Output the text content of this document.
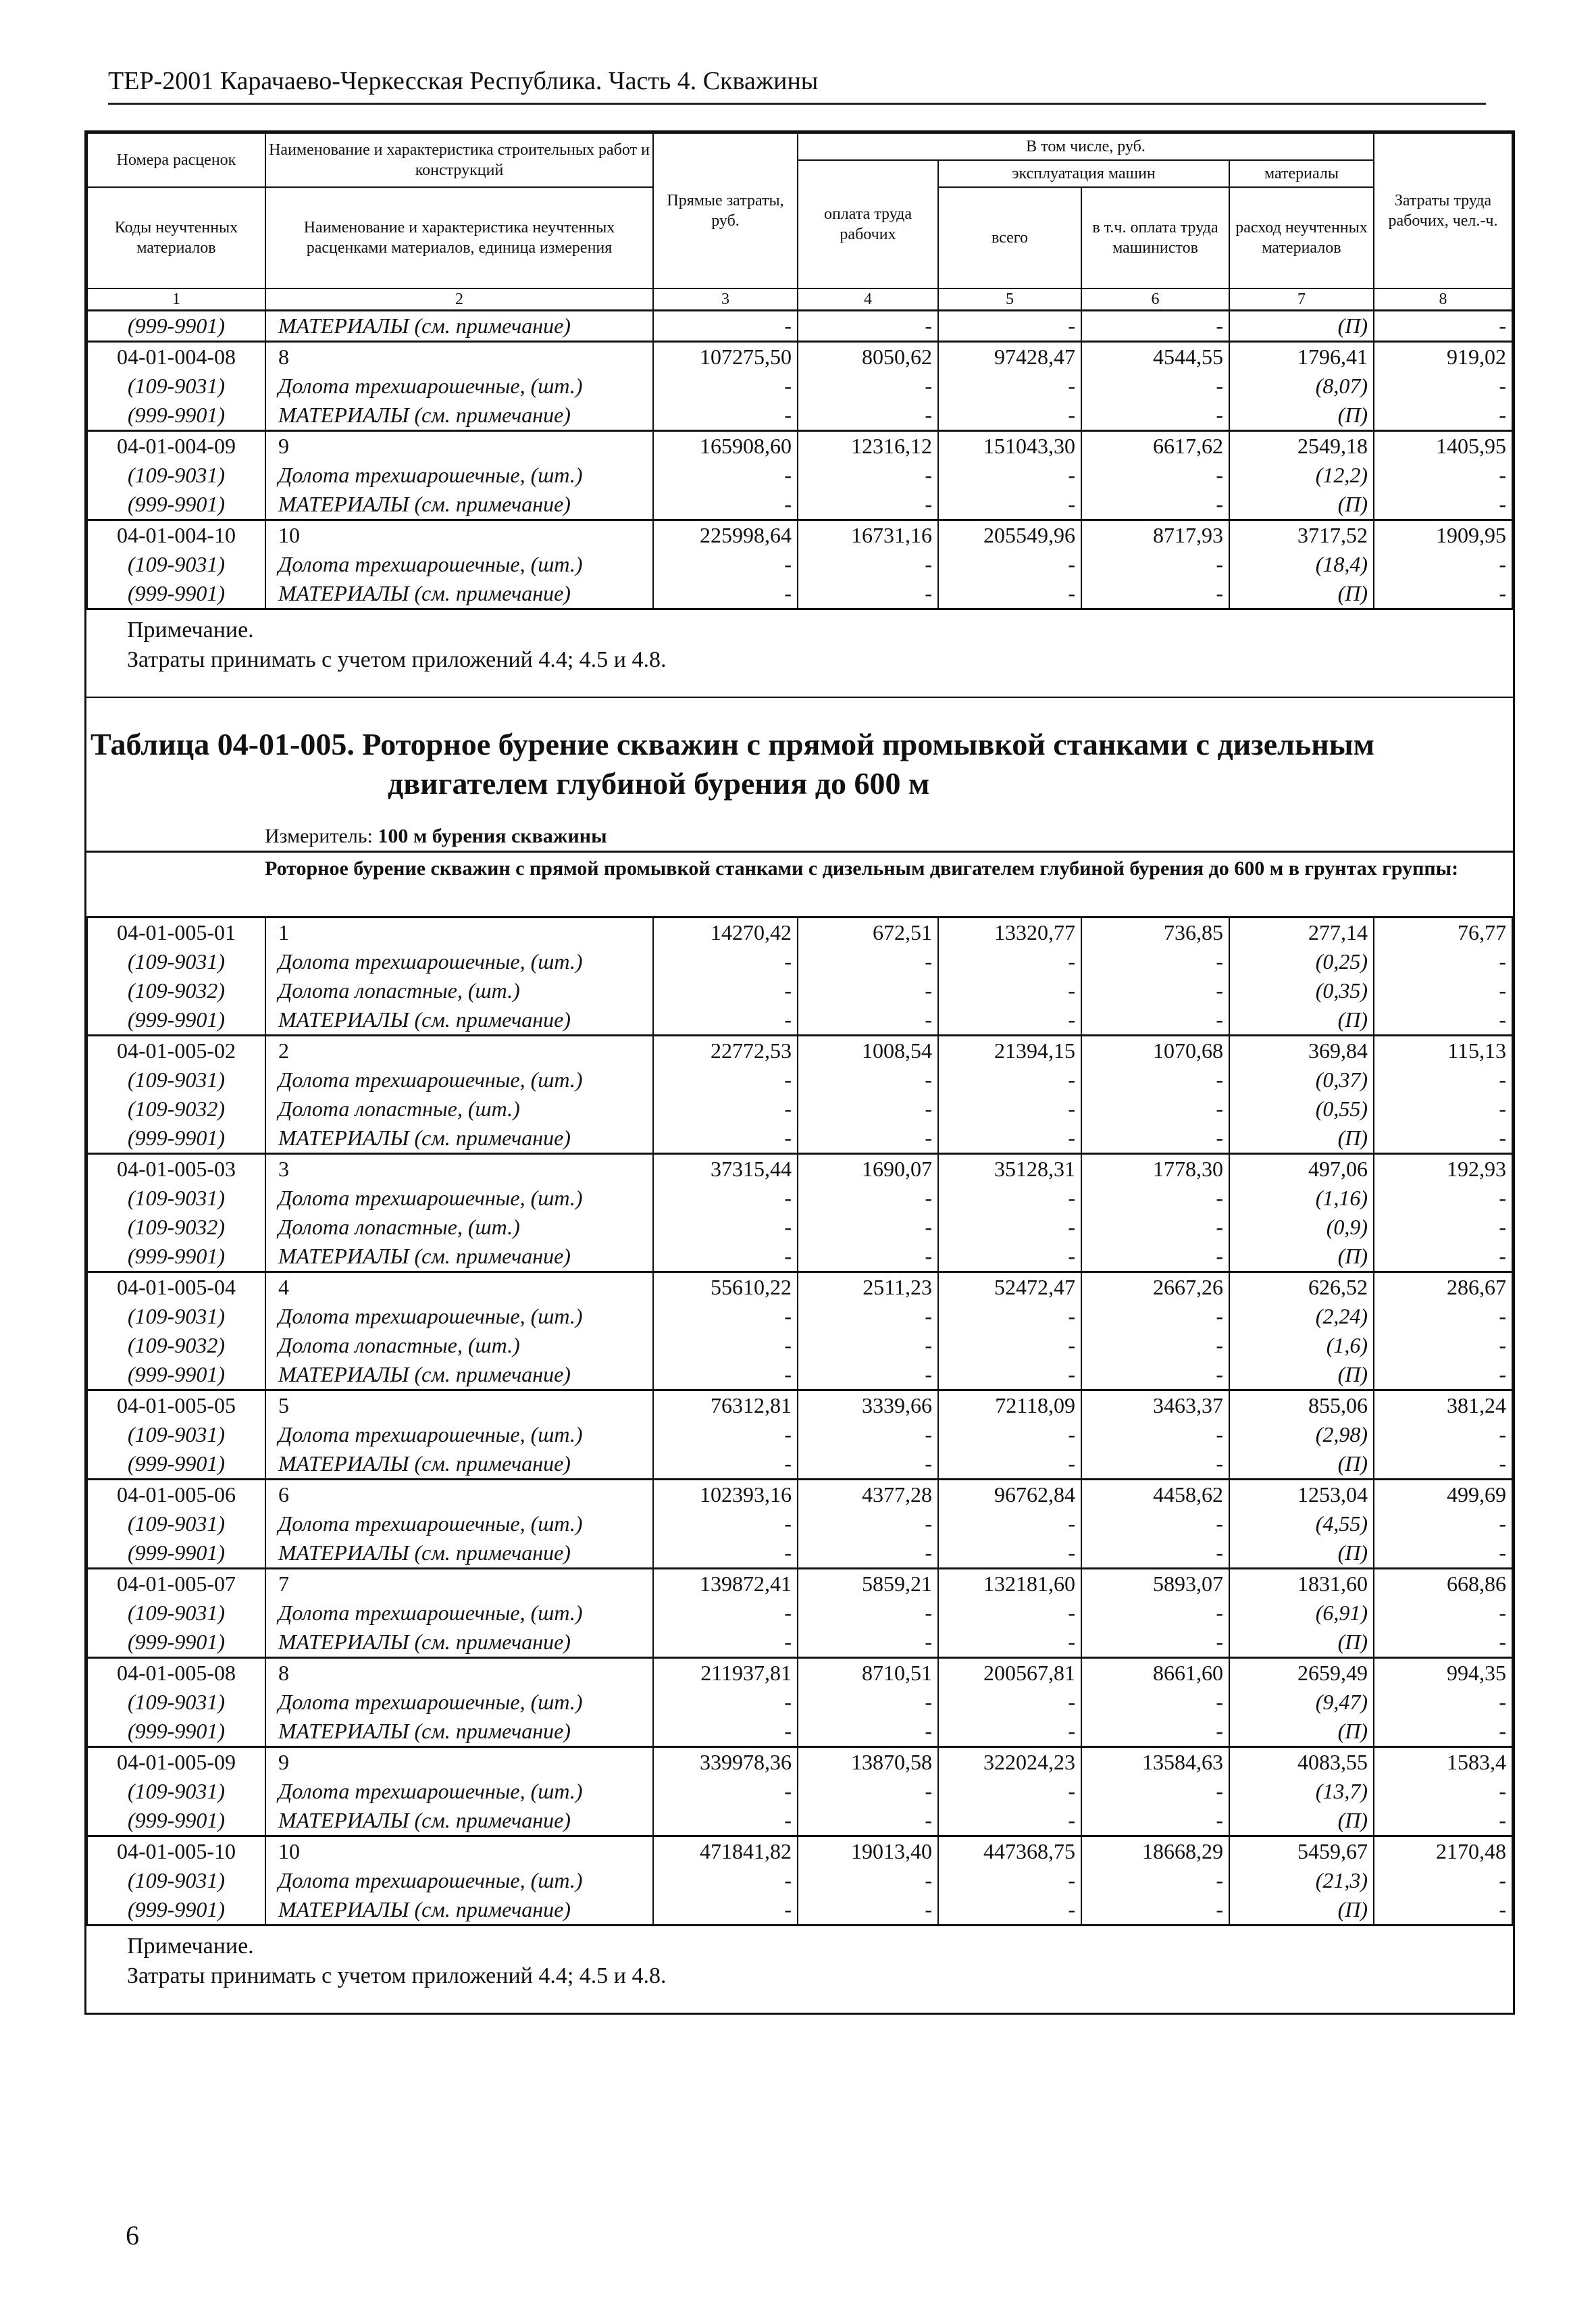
ТЕР-2001 Карачаево-Черкесская Республика. Часть 4. Скважины
Номера расценок	Наименование и характеристика строительных работ и конструкций	Прямые затраты, руб.	В том числе, руб.				Затраты труда рабочих, чел.-ч.
			оплата труда рабочих	эксплуатация машин		материалы	
Коды неучтенных материалов	Наименование и характеристика неучтенных расценками материалов, единица измерения			всего	в т.ч. оплата труда машинистов	расход неучтенных материалов	
1	2	3	4	5	6	7	8
(999-9901)	МАТЕРИАЛЫ (см. примечание)	-	-	-	-	(П)	-
04-01-004-08	8	107275,50	8050,62	97428,47	4544,55	1796,41	919,02
(109-9031)	Долота трехшарошечные, (шт.)	-	-	-	-	(8,07)	-
(999-9901)	МАТЕРИАЛЫ (см. примечание)	-	-	-	-	(П)	-
04-01-004-09	9	165908,60	12316,12	151043,30	6617,62	2549,18	1405,95
(109-9031)	Долота трехшарошечные, (шт.)	-	-	-	-	(12,2)	-
(999-9901)	МАТЕРИАЛЫ (см. примечание)	-	-	-	-	(П)	-
04-01-004-10	10	225998,64	16731,16	205549,96	8717,93	3717,52	1909,95
(109-9031)	Долота трехшарошечные, (шт.)	-	-	-	-	(18,4)	-
(999-9901)	МАТЕРИАЛЫ (см. примечание)	-	-	-	-	(П)	-
Примечание.
Затраты принимать с учетом приложений 4.4; 4.5 и 4.8.
Таблица 04-01-005. Роторное бурение скважин с прямой промывкой станками с дизельным
двигателем глубиной бурения до 600 м
Измеритель: 100 м бурения скважины
Роторное бурение скважин с прямой промывкой станками с дизельным двигателем глубиной бурения до 600 м в грунтах группы:
04-01-005-01	1	14270,42	672,51	13320,77	736,85	277,14	76,77
(109-9031)	Долота трехшарошечные, (шт.)	-	-	-	-	(0,25)	-
(109-9032)	Долота лопастные, (шт.)	-	-	-	-	(0,35)	-
(999-9901)	МАТЕРИАЛЫ (см. примечание)	-	-	-	-	(П)	-
04-01-005-02	2	22772,53	1008,54	21394,15	1070,68	369,84	115,13
(109-9031)	Долота трехшарошечные, (шт.)	-	-	-	-	(0,37)	-
(109-9032)	Долота лопастные, (шт.)	-	-	-	-	(0,55)	-
(999-9901)	МАТЕРИАЛЫ (см. примечание)	-	-	-	-	(П)	-
04-01-005-03	3	37315,44	1690,07	35128,31	1778,30	497,06	192,93
(109-9031)	Долота трехшарошечные, (шт.)	-	-	-	-	(1,16)	-
(109-9032)	Долота лопастные, (шт.)	-	-	-	-	(0,9)	-
(999-9901)	МАТЕРИАЛЫ (см. примечание)	-	-	-	-	(П)	-
04-01-005-04	4	55610,22	2511,23	52472,47	2667,26	626,52	286,67
(109-9031)	Долота трехшарошечные, (шт.)	-	-	-	-	(2,24)	-
(109-9032)	Долота лопастные, (шт.)	-	-	-	-	(1,6)	-
(999-9901)	МАТЕРИАЛЫ (см. примечание)	-	-	-	-	(П)	-
04-01-005-05	5	76312,81	3339,66	72118,09	3463,37	855,06	381,24
(109-9031)	Долота трехшарошечные, (шт.)	-	-	-	-	(2,98)	-
(999-9901)	МАТЕРИАЛЫ (см. примечание)	-	-	-	-	(П)	-
04-01-005-06	6	102393,16	4377,28	96762,84	4458,62	1253,04	499,69
(109-9031)	Долота трехшарошечные, (шт.)	-	-	-	-	(4,55)	-
(999-9901)	МАТЕРИАЛЫ (см. примечание)	-	-	-	-	(П)	-
04-01-005-07	7	139872,41	5859,21	132181,60	5893,07	1831,60	668,86
(109-9031)	Долота трехшарошечные, (шт.)	-	-	-	-	(6,91)	-
(999-9901)	МАТЕРИАЛЫ (см. примечание)	-	-	-	-	(П)	-
04-01-005-08	8	211937,81	8710,51	200567,81	8661,60	2659,49	994,35
(109-9031)	Долота трехшарошечные, (шт.)	-	-	-	-	(9,47)	-
(999-9901)	МАТЕРИАЛЫ (см. примечание)	-	-	-	-	(П)	-
04-01-005-09	9	339978,36	13870,58	322024,23	13584,63	4083,55	1583,4
(109-9031)	Долота трехшарошечные, (шт.)	-	-	-	-	(13,7)	-
(999-9901)	МАТЕРИАЛЫ (см. примечание)	-	-	-	-	(П)	-
04-01-005-10	10	471841,82	19013,40	447368,75	18668,29	5459,67	2170,48
(109-9031)	Долота трехшарошечные, (шт.)	-	-	-	-	(21,3)	-
(999-9901)	МАТЕРИАЛЫ (см. примечание)	-	-	-	-	(П)	-
Примечание.
Затраты принимать с учетом приложений 4.4; 4.5 и 4.8.
6
